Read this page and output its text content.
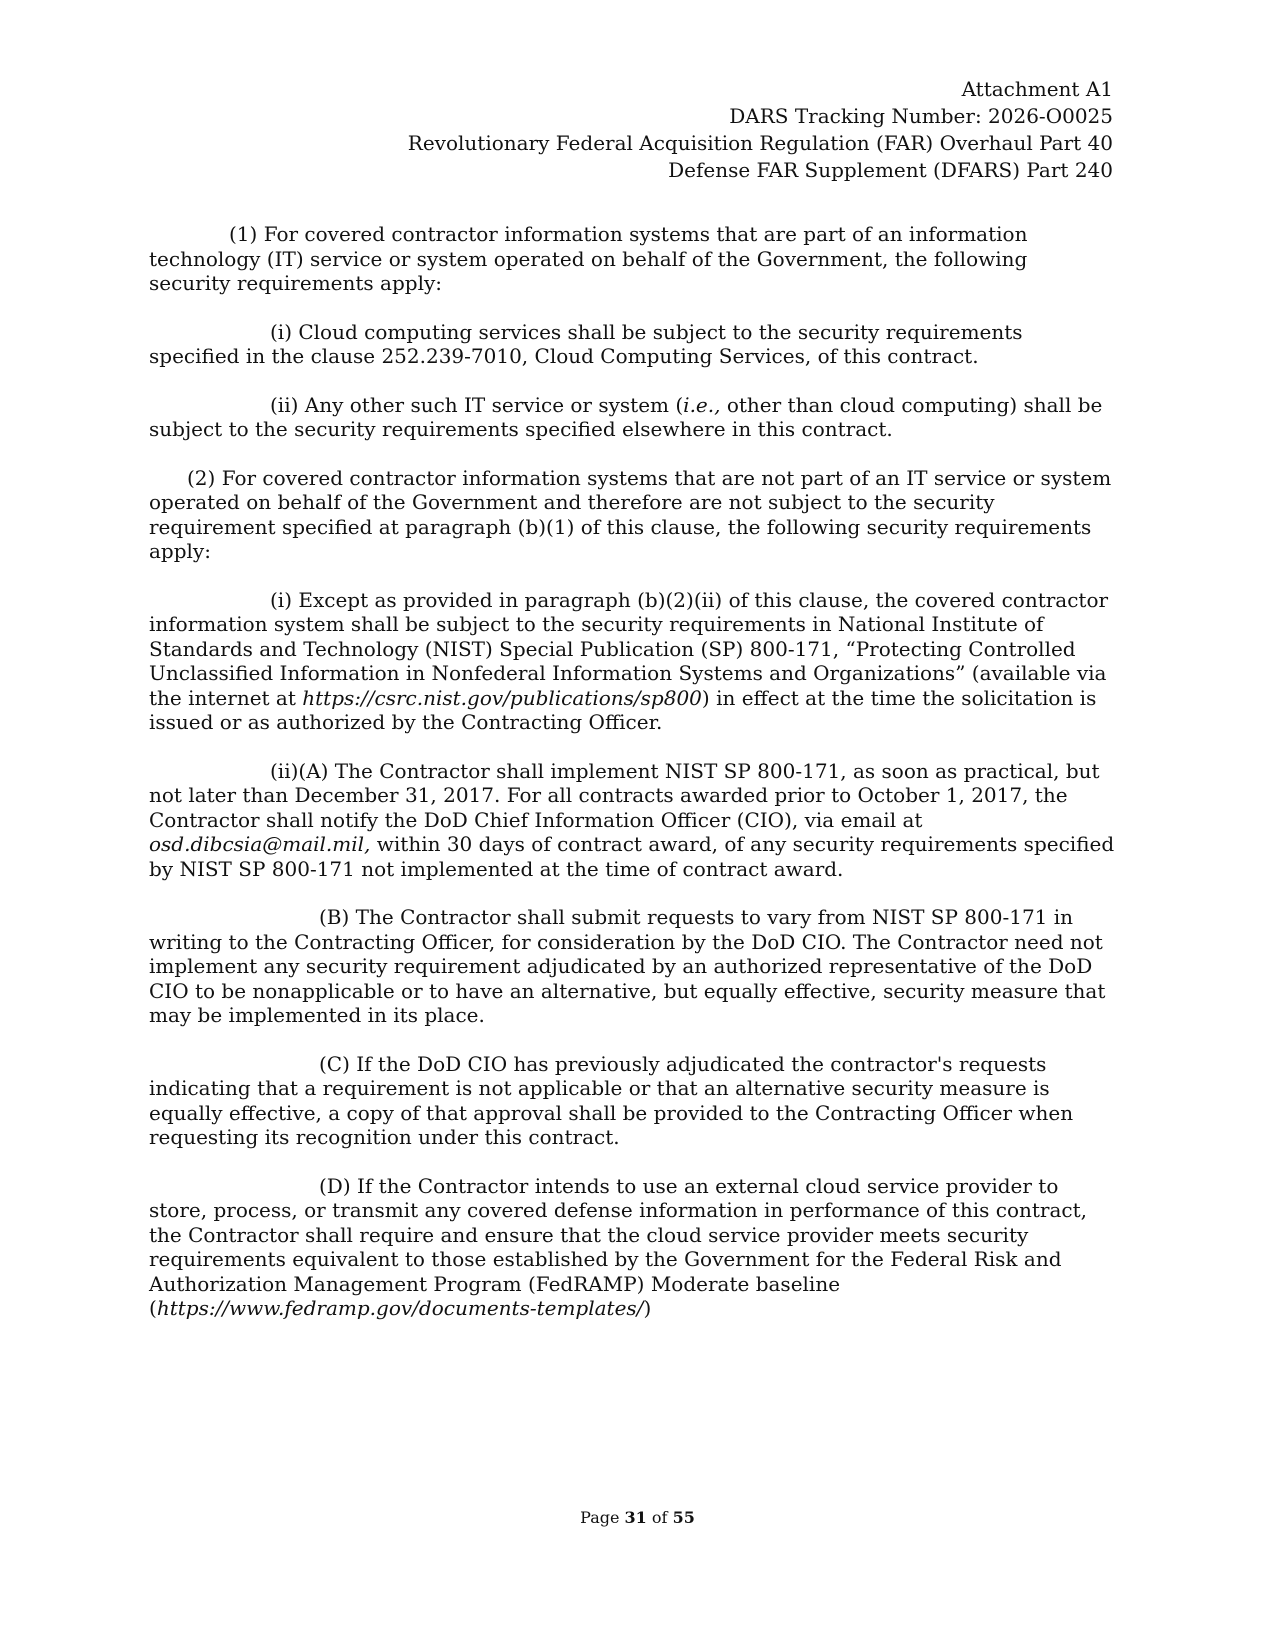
Attachment A1
DARS Tracking Number: 2026-O0025
Revolutionary Federal Acquisition Regulation (FAR) Overhaul Part 40
Defense FAR Supplement (DFARS) Part 240

(1) For covered contractor information systems that are part of an information technology (IT) service or system operated on behalf of the Government, the following security requirements apply:

(i) Cloud computing services shall be subject to the security requirements specified in the clause 252.239-7010, Cloud Computing Services, of this contract.

(ii) Any other such IT service or system (i.e., other than cloud computing) shall be subject to the security requirements specified elsewhere in this contract.

(2) For covered contractor information systems that are not part of an IT service or system operated on behalf of the Government and therefore are not subject to the security requirement specified at paragraph (b)(1) of this clause, the following security requirements apply:

(i) Except as provided in paragraph (b)(2)(ii) of this clause, the covered contractor information system shall be subject to the security requirements in National Institute of Standards and Technology (NIST) Special Publication (SP) 800-171, “Protecting Controlled Unclassified Information in Nonfederal Information Systems and Organizations” (available via the internet at https://csrc.nist.gov/publications/sp800) in effect at the time the solicitation is issued or as authorized by the Contracting Officer.

(ii)(A) The Contractor shall implement NIST SP 800-171, as soon as practical, but not later than December 31, 2017. For all contracts awarded prior to October 1, 2017, the Contractor shall notify the DoD Chief Information Officer (CIO), via email at osd.dibcsia@mail.mil, within 30 days of contract award, of any security requirements specified by NIST SP 800-171 not implemented at the time of contract award.

(B) The Contractor shall submit requests to vary from NIST SP 800-171 in writing to the Contracting Officer, for consideration by the DoD CIO. The Contractor need not implement any security requirement adjudicated by an authorized representative of the DoD CIO to be nonapplicable or to have an alternative, but equally effective, security measure that may be implemented in its place.

(C) If the DoD CIO has previously adjudicated the contractor's requests indicating that a requirement is not applicable or that an alternative security measure is equally effective, a copy of that approval shall be provided to the Contracting Officer when requesting its recognition under this contract.

(D) If the Contractor intends to use an external cloud service provider to store, process, or transmit any covered defense information in performance of this contract, the Contractor shall require and ensure that the cloud service provider meets security requirements equivalent to those established by the Government for the Federal Risk and Authorization Management Program (FedRAMP) Moderate baseline (https://www.fedramp.gov/documents-templates/)

Page 31 of 55
